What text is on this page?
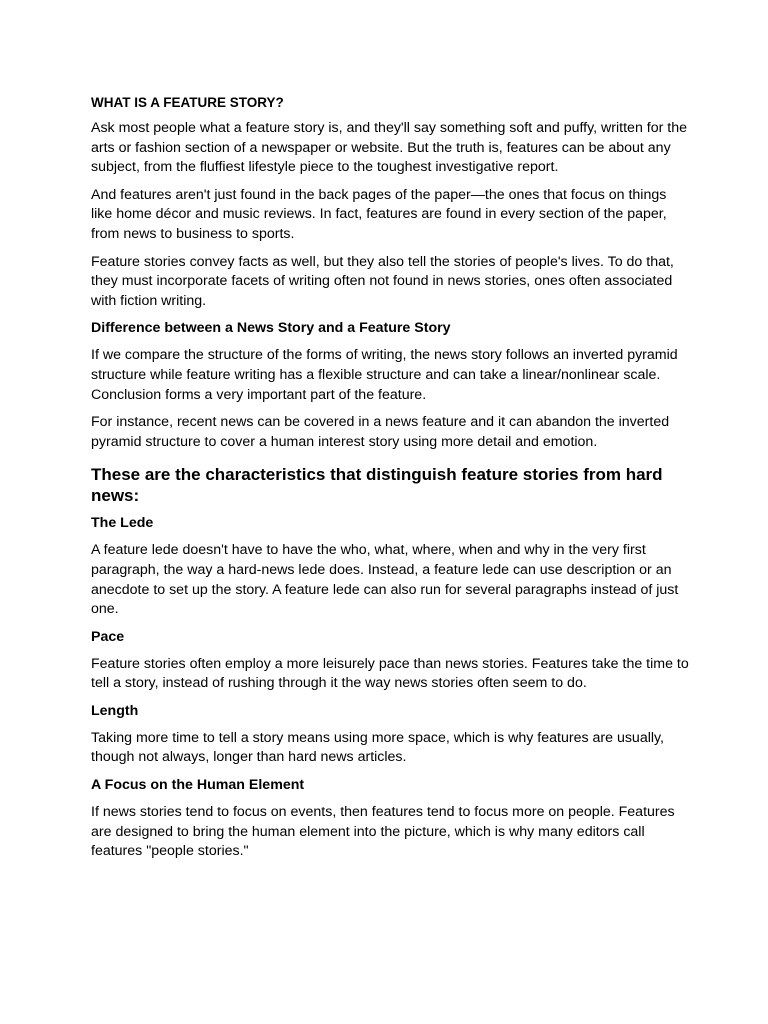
WHAT IS A FEATURE STORY?

Ask most people what a feature story is, and they'll say something soft and puffy, written for the arts or fashion section of a newspaper or website. But the truth is, features can be about any subject, from the fluffiest lifestyle piece to the toughest investigative report.

And features aren't just found in the back pages of the paper—the ones that focus on things like home décor and music reviews. In fact, features are found in every section of the paper, from news to business to sports.

Feature stories convey facts as well, but they also tell the stories of people's lives. To do that, they must incorporate facets of writing often not found in news stories, ones often associated with fiction writing.

Difference between a News Story and a Feature Story

If we compare the structure of the forms of writing, the news story follows an inverted pyramid structure while feature writing has a flexible structure and can take a linear/nonlinear scale. Conclusion forms a very important part of the feature.

For instance, recent news can be covered in a news feature and it can abandon the inverted pyramid structure to cover a human interest story using more detail and emotion.

These are the characteristics that distinguish feature stories from hard news:
The Lede

A feature lede doesn't have to have the who, what, where, when and why in the very first paragraph, the way a hard-news lede does. Instead, a feature lede can use description or an anecdote to set up the story. A feature lede can also run for several paragraphs instead of just one.

Pace

Feature stories often employ a more leisurely pace than news stories. Features take the time to tell a story, instead of rushing through it the way news stories often seem to do.

Length

Taking more time to tell a story means using more space, which is why features are usually, though not always, longer than hard news articles.

A Focus on the Human Element

If news stories tend to focus on events, then features tend to focus more on people. Features are designed to bring the human element into the picture, which is why many editors call features "people stories."
